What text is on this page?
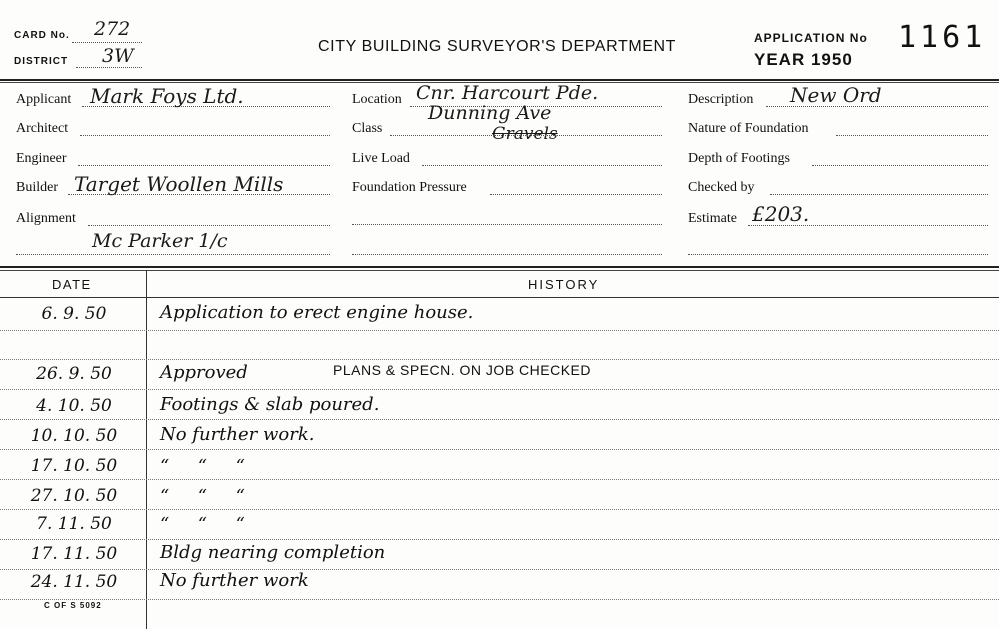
CARD No. 272
DISTRICT 3W	CITY BUILDING SURVEYOR'S DEPARTMENT	APPLICATION No 1161
YEAR 1950
Applicant Mark Foys Ltd.
Architect
Engineer
Builder Target Woollen Mills
Alignment
Mc Parker 1/c
Location Cnr. Harcourt Pde.
Dunning Ave
Gravels
Class
Live Load
Foundation Pressure
Description New Ord
Nature of Foundation
Depth of Footings
Checked by
Estimate £203.
DATE	HISTORY
6. 9. 50	Application to erect engine house.
26. 9. 50	Approved	PLANS & SPECN. ON JOB CHECKED
4. 10. 50	Footings & slab poured.
10. 10. 50	No further work.
17. 10. 50	“     “     “
27. 10. 50	“     “     “
7. 11. 50	“     “     “
17. 11. 50	Bldg nearing completion
24. 11. 50	No further work
C OF S 5092
